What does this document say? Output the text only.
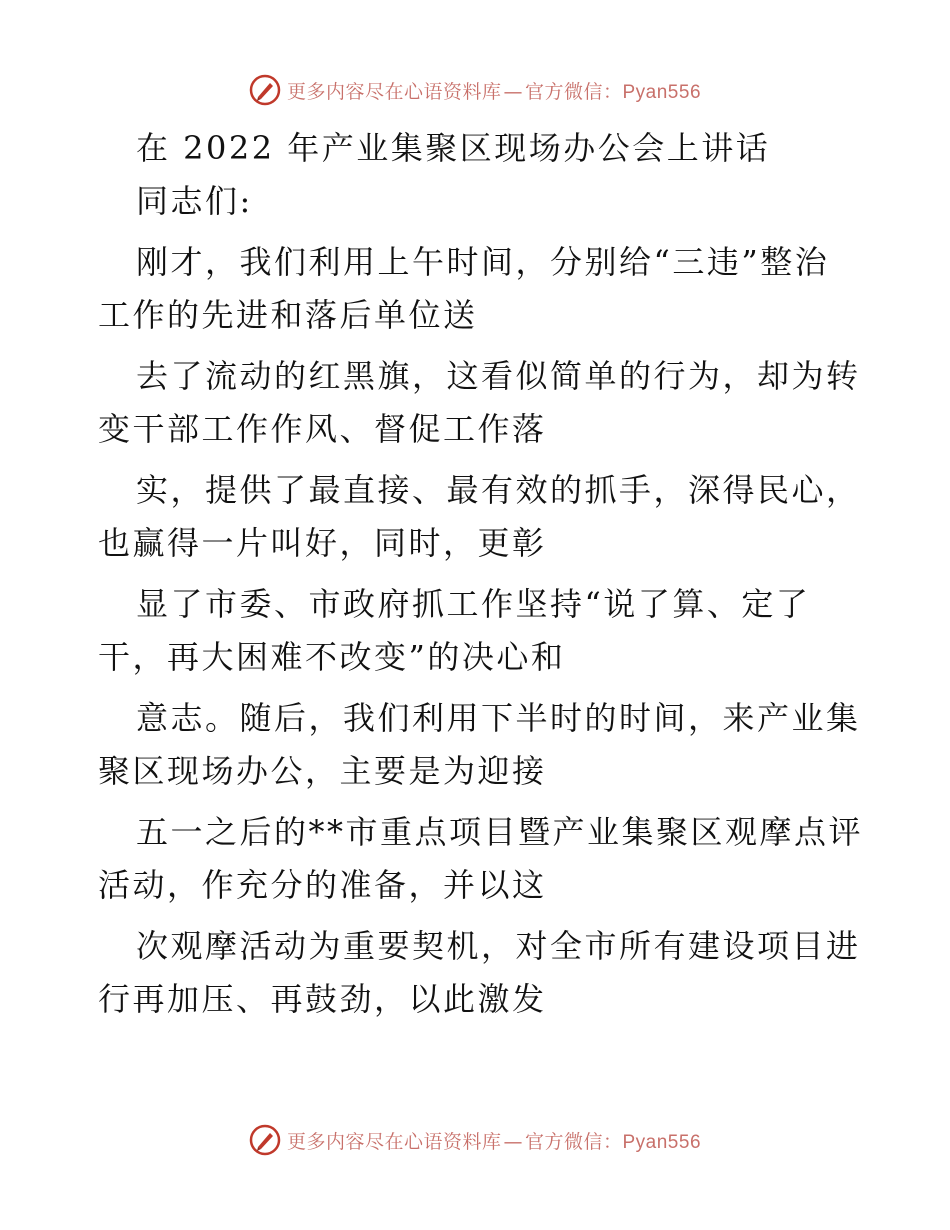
更多内容尽在心语资料库 — 官方微信：Pyan556
在 2022 年产业集聚区现场办公会上讲话
同志们:
刚才，我们利用上午时间，分别给“三违”整治
工作的先进和落后单位送
去了流动的红黑旗，这看似简单的行为，却为转
变干部工作作风、督促工作落
实，提供了最直接、最有效的抓手，深得民心，
也赢得一片叫好，同时，更彰
显了市委、市政府抓工作坚持“说了算、定了
干，再大困难不改变”的决心和
意志。随后，我们利用下半时的时间，来产业集
聚区现场办公，主要是为迎接
五一之后的**市重点项目暨产业集聚区观摩点评
活动，作充分的准备，并以这
次观摩活动为重要契机，对全市所有建设项目进
行再加压、再鼓劲，以此激发
更多内容尽在心语资料库 — 官方微信：Pyan556
